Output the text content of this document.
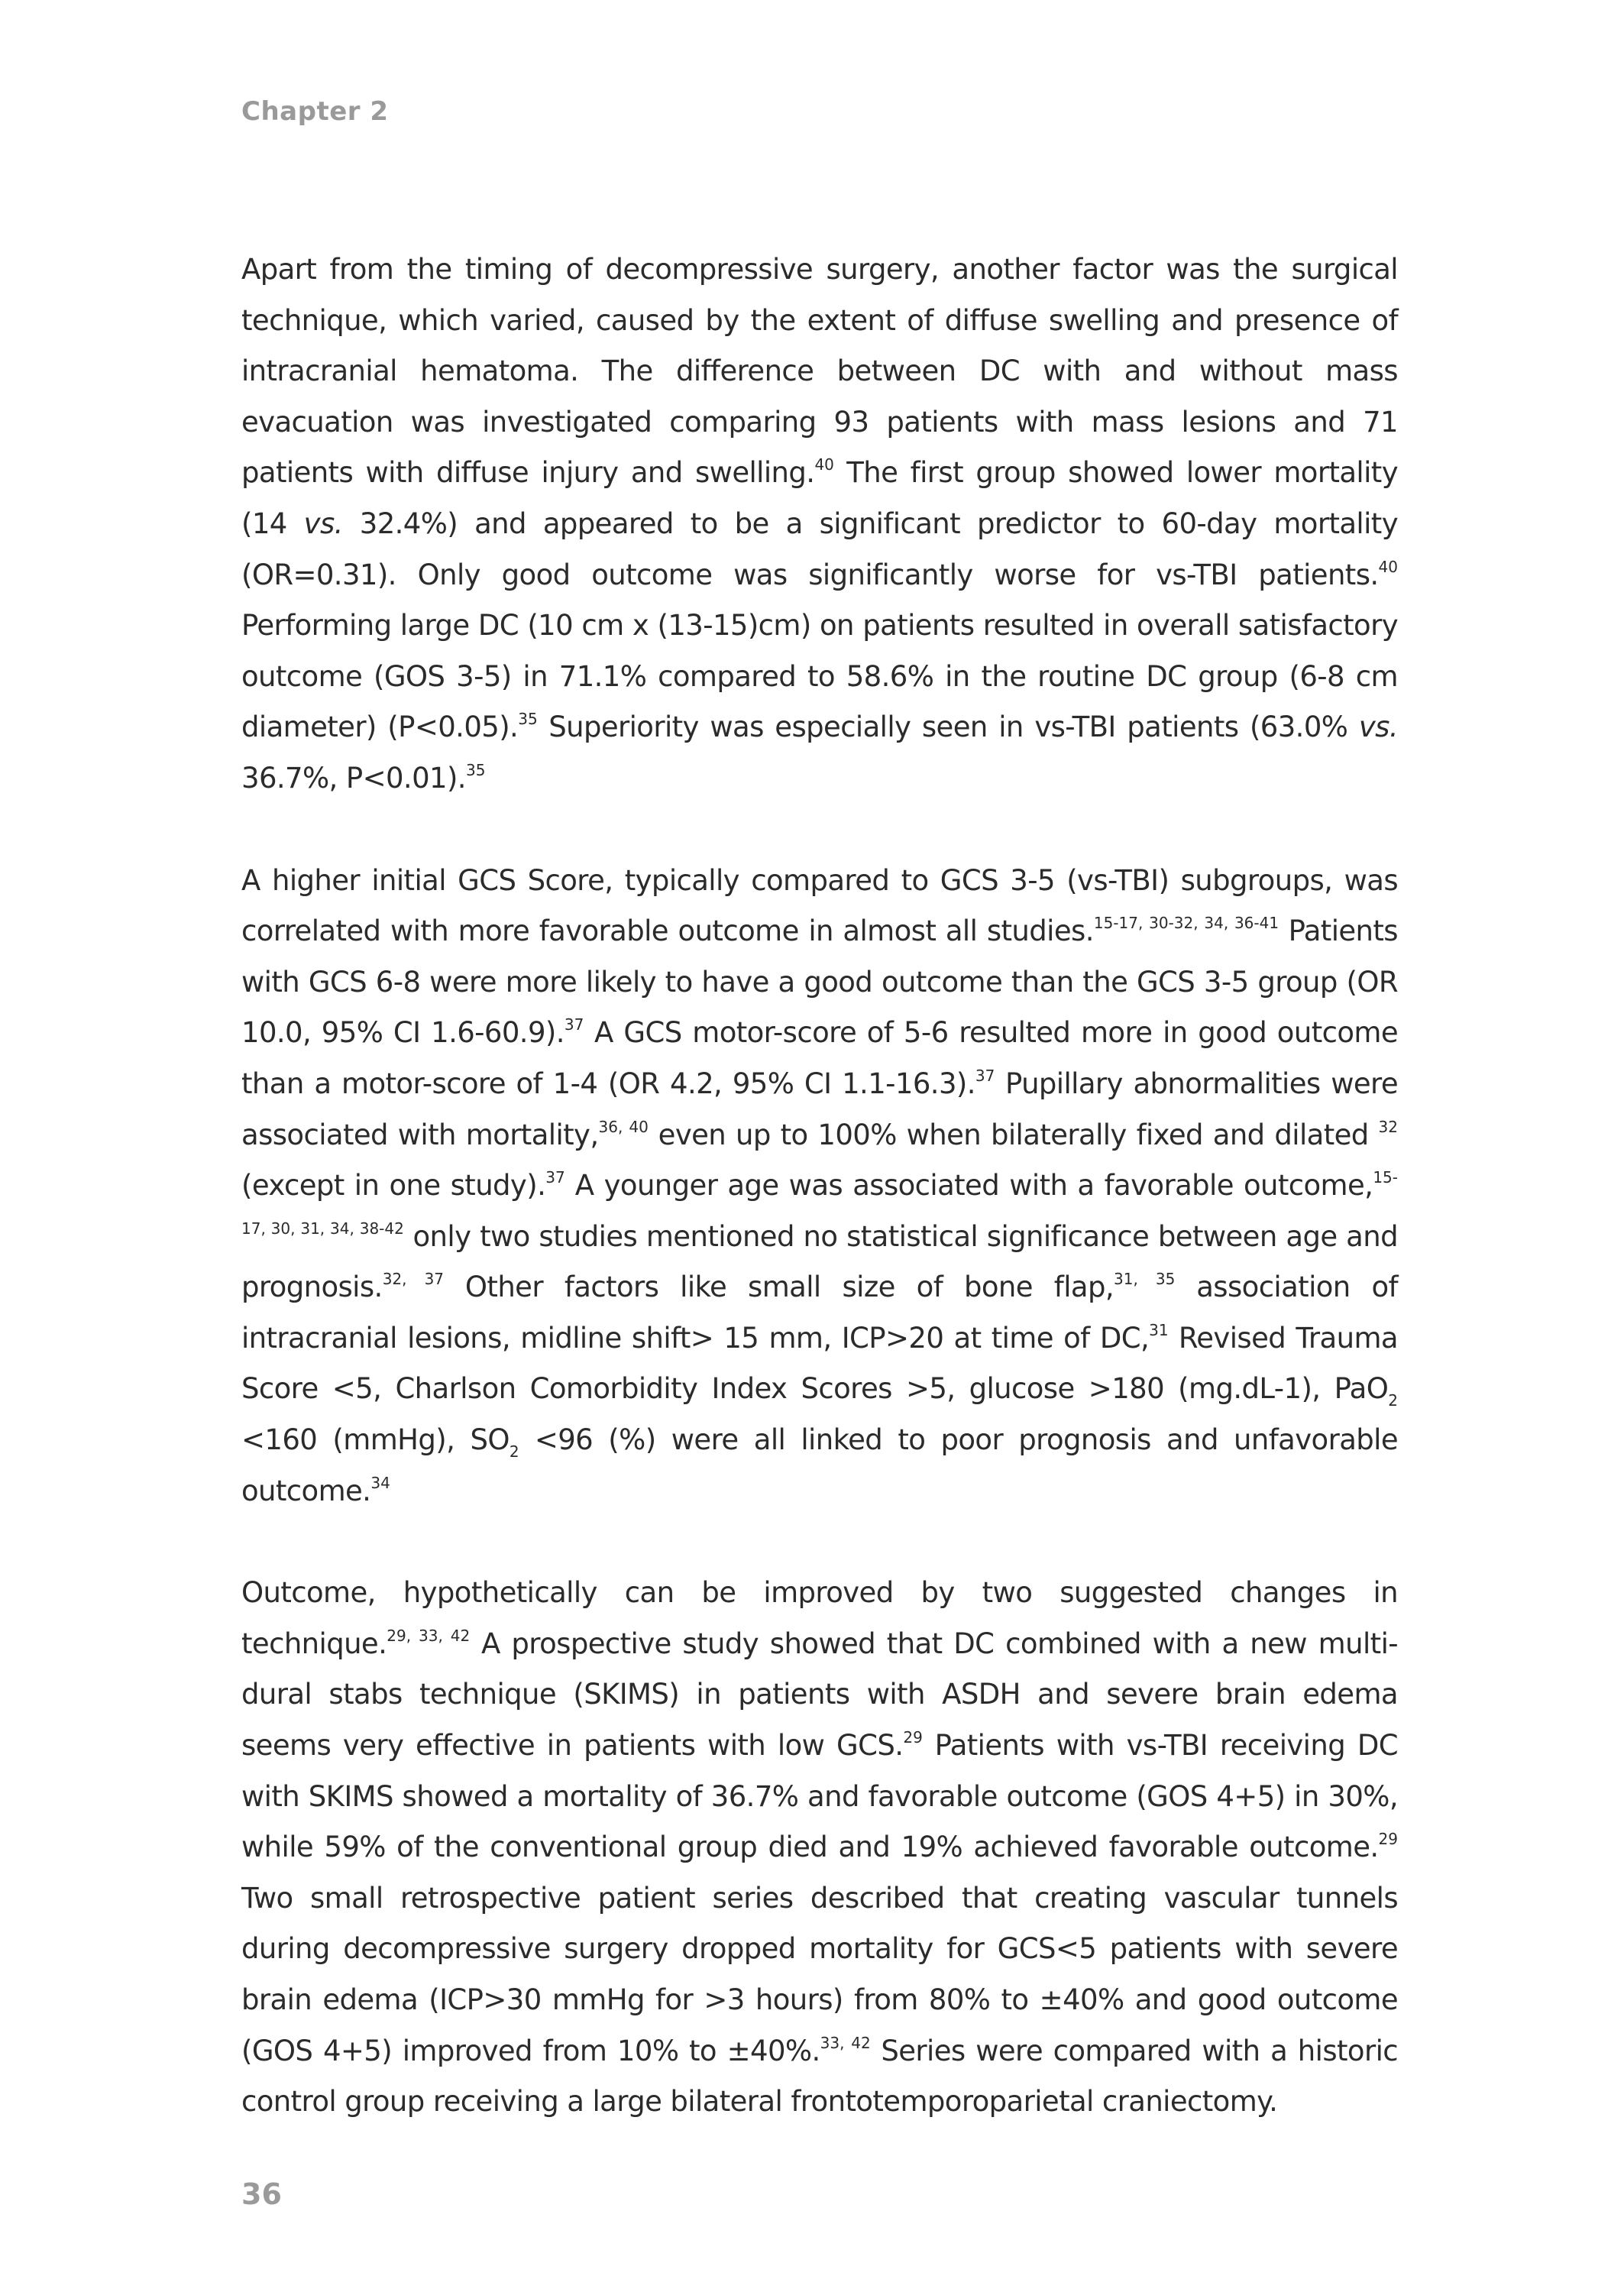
Chapter 2

Apart from the timing of decompressive surgery, another factor was the surgical technique, which varied, caused by the extent of diffuse swelling and presence of intracranial hematoma. The difference between DC with and without mass evacuation was investigated comparing 93 patients with mass lesions and 71 patients with diffuse injury and swelling.$^{40}$ The first group showed lower mortality (14 vs. 32.4%) and appeared to be a significant predictor to 60-day mortality (OR=0.31). Only good outcome was significantly worse for vs-TBI patients.$^{40}$ Performing large DC (10 cm x (13-15)cm) on patients resulted in overall satisfactory outcome (GOS 3-5) in 71.1% compared to 58.6% in the routine DC group (6-8 cm diameter) (P<0.05).$^{35}$ Superiority was especially seen in vs-TBI patients (63.0% vs. 36.7%, P<0.01).$^{35}$

A higher initial GCS Score, typically compared to GCS 3-5 (vs-TBI) subgroups, was correlated with more favorable outcome in almost all studies.$^{15-17, 30-32, 34, 36-41}$ Patients with GCS 6-8 were more likely to have a good outcome than the GCS 3-5 group (OR 10.0, 95% CI 1.6-60.9).$^{37}$ A GCS motor-score of 5-6 resulted more in good outcome than a motor-score of 1-4 (OR 4.2, 95% CI 1.1-16.3).$^{37}$ Pupillary abnormalities were associated with mortality,$^{36, 40}$ even up to 100% when bilaterally fixed and dilated $^{32}$ (except in one study).$^{37}$ A younger age was associated with a favorable outcome,$^{15-17, 30, 31, 34, 38-42}$ only two studies mentioned no statistical significance between age and prognosis.$^{32, 37}$ Other factors like small size of bone flap,$^{31, 35}$ association of intracranial lesions, midline shift> 15 mm, ICP>20 at time of DC,$^{31}$ Revised Trauma Score <5, Charlson Comorbidity Index Scores >5, glucose >180 (mg.dL-1), PaO$_2$ <160 (mmHg), $SO_2 <96$ (%) were all linked to poor prognosis and unfavorable outcome.$^{34}$

Outcome, hypothetically can be improved by two suggested changes in technique.$^{29, 33, 42}$ A prospective study showed that DC combined with a new multi-dural stabs technique (SKIMS) in patients with ASDH and severe brain edema seems very effective in patients with low GCS.$^{29}$ Patients with vs-TBI receiving DC with SKIMS showed a mortality of 36.7% and favorable outcome (GOS 4+5) in 30%, while 59% of the conventional group died and 19% achieved favorable outcome.$^{29}$ Two small retrospective patient series described that creating vascular tunnels during decompressive surgery dropped mortality for GCS<5 patients with severe brain edema (ICP>30 mmHg for >3 hours) from 80% to ±40% and good outcome (GOS 4+5) improved from 10% to ±40%.$^{33, 42}$ Series were compared with a historic control group receiving a large bilateral frontotemporoparietal craniectomy.

36
